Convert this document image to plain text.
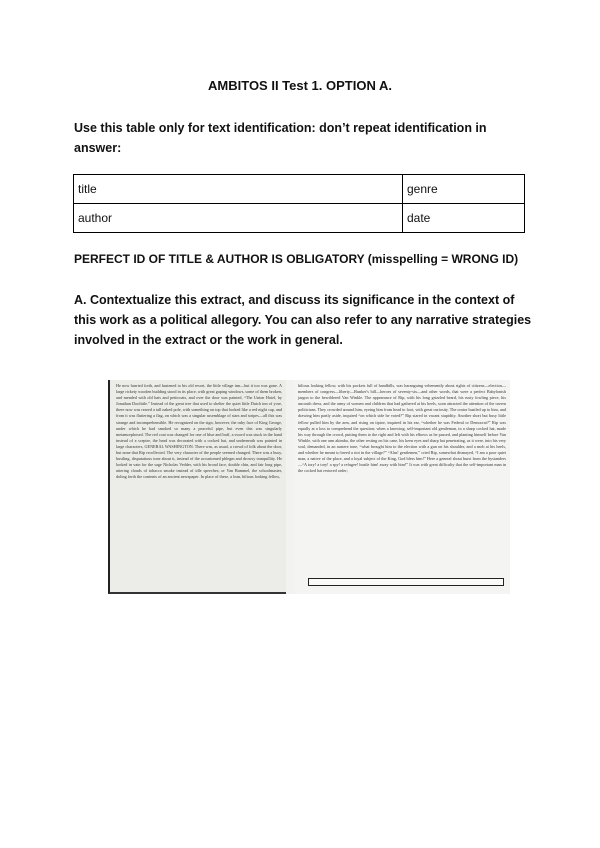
AMBITOS II Test 1. OPTION A.
Use this table only for text identification: don’t repeat identification in answer:
title	genre
author	date
PERFECT ID OF TITLE & AUTHOR IS OBLIGATORY (misspelling = WRONG ID)
A. Contextualize this extract, and discuss its significance in the context of this work as a political allegory. You can also refer to any narrative strategies involved in the extract or the work in general.
He now hurried forth, and hastened to his old resort, the little village inn—but it too was gone. A large rickety wooden building stood in its place, with great gaping windows, some of them broken, and mended with old hats and petticoats, and over the door was painted, “The Union Hotel, by Jonathan Doolittle.” Instead of the great tree that used to shelter the quiet little Dutch inn of yore, there now was reared a tall naked pole, with something on top that looked like a red night cap, and from it was fluttering a flag, on which was a singular assemblage of stars and stripes—all this was strange and incomprehensible. He recognized on the sign, however, the ruby face of King George, under which he had smoked so many a peaceful pipe, but even this was singularly metamorphosed. The red coat was changed for one of blue and buff, a sword was stuck in the hand instead of a sceptre, the head was decorated with a cocked hat, and underneath was painted in large characters, GENERAL WASHINGTON. There was, as usual, a crowd of folk about the door, but none that Rip recollected. The very character of the people seemed changed. There was a busy, bustling, disputatious tone about it, instead of the accustomed phlegm and drowsy tranquillity. He looked in vain for the sage Nicholas Vedder, with his broad face, double chin, and fair long pipe, uttering clouds of tobacco smoke instead of idle speeches; or Van Bummel, the schoolmaster, doling forth the contents of an ancient newspaper. In place of these, a lean, bilious looking fellow,
bilious looking fellow, with his pockets full of handbills, was haranguing vehemently about rights of citizens—election—members of congress—liberty—Bunker's hill—heroes of seventy-six—and other words, that were a perfect Babylonish jargon to the bewildered Van Winkle. The appearance of Rip, with his long grizzled beard, his rusty fowling piece, his uncouth dress, and the army of women and children that had gathered at his heels, soon attracted the attention of the tavern politicians. They crowded around him, eyeing him from head to foot, with great curiosity. The orator bustled up to him, and drawing him partly aside, inquired “on which side he voted?” Rip stared in vacant stupidity. Another short but busy little fellow pulled him by the arm, and rising on tiptoe, inquired in his ear, “whether he was Federal or Democrat?” Rip was equally at a loss to comprehend the question; when a knowing, self-important old gentleman, in a sharp cocked hat, made his way through the crowd, putting them to the right and left with his elbows as he passed, and planting himself before Van Winkle, with one arm akimbo, the other resting on his cane, his keen eyes and sharp hat penetrating, as it were, into his very soul, demanded, in an austere tone, “what brought him to the election with a gun on his shoulder, and a mob at his heels, and whether he meant to breed a riot in the village?” “Alas! gentlemen,” cried Rip, somewhat dismayed, “I am a poor quiet man, a native of the place, and a loyal subject of the King, God bless him!” Here a general shout burst from the bystanders—“A tory! a tory! a spy! a refugee! hustle him! away with him!” It was with great difficulty that the self-important man in the cocked hat restored order;
